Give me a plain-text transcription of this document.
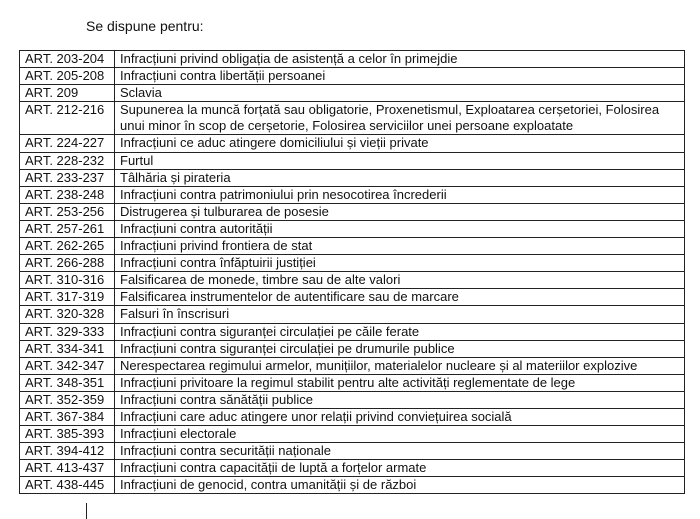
Se dispune pentru:

ART. 203-204	Infracțiuni privind obligația de asistență a celor în primejdie
ART. 205-208	Infracțiuni contra libertății persoanei
ART. 209	Sclavia
ART. 212-216	Supunerea la muncă forțată sau obligatorie, Proxenetismul, Exploatarea cerșetoriei, Folosirea unui minor în scop de cerșetorie, Folosirea serviciilor unei persoane exploatate
ART. 224-227	Infracțiuni ce aduc atingere domiciliului și vieții private
ART. 228-232	Furtul
ART. 233-237	Tâlhăria și pirateria
ART. 238-248	Infracțiuni contra patrimoniului prin nesocotirea încrederii
ART. 253-256	Distrugerea și tulburarea de posesie
ART. 257-261	Infracțiuni contra autorității
ART. 262-265	Infracțiuni privind frontiera de stat
ART. 266-288	Infracțiuni contra înfăptuirii justiției
ART. 310-316	Falsificarea de monede, timbre sau de alte valori
ART. 317-319	Falsificarea instrumentelor de autentificare sau de marcare
ART. 320-328	Falsuri în înscrisuri
ART. 329-333	Infracțiuni contra siguranței circulației pe căile ferate
ART. 334-341	Infracțiuni contra siguranței circulației pe drumurile publice
ART. 342-347	Nerespectarea regimului armelor, munițiilor, materialelor nucleare și al materiilor explozive
ART. 348-351	Infracțiuni privitoare la regimul stabilit pentru alte activități reglementate de lege
ART. 352-359	Infracțiuni contra sănătății publice
ART. 367-384	Infracțiuni care aduc atingere unor relații privind conviețuirea socială
ART. 385-393	Infracțiuni electorale
ART. 394-412	Infracțiuni contra securității naționale
ART. 413-437	Infracțiuni contra capacității de luptă a forțelor armate
ART. 438-445	Infracțiuni de genocid, contra umanității și de război
